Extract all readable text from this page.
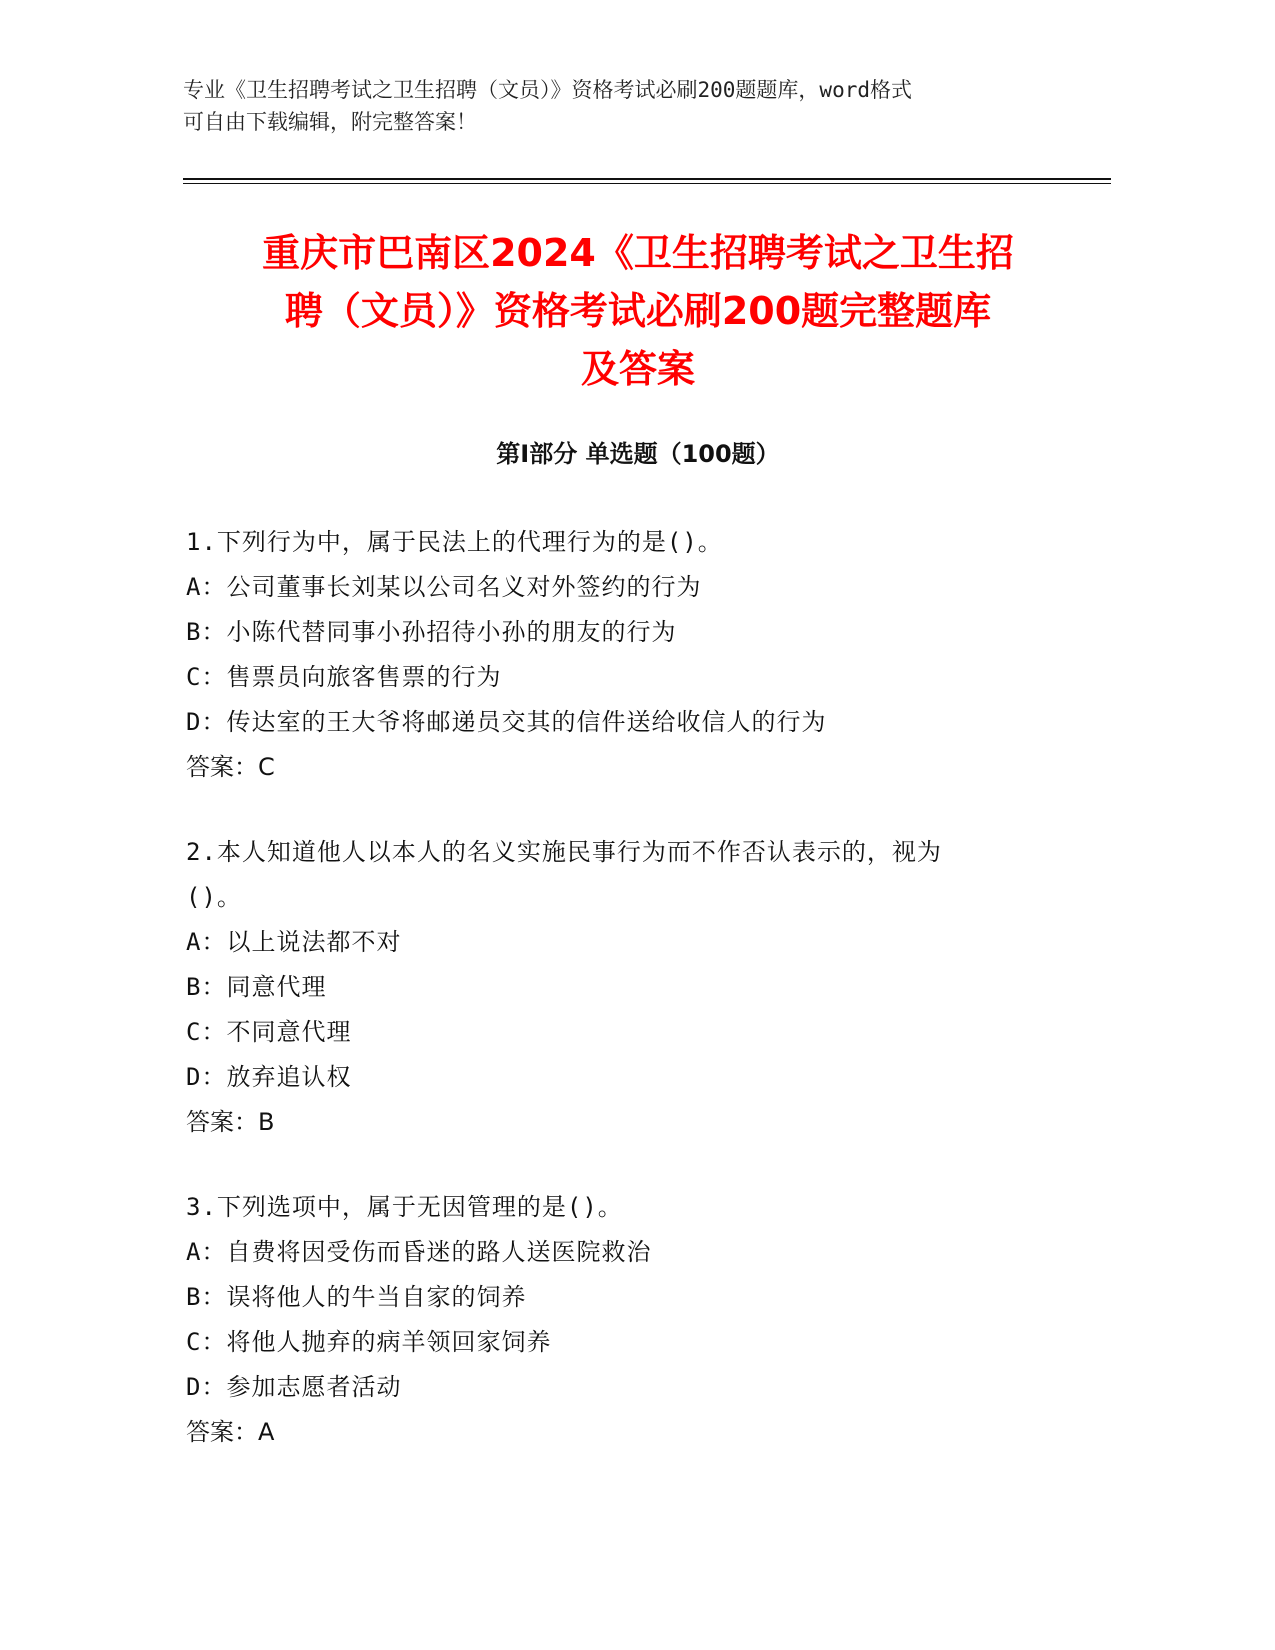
专业《卫生招聘考试之卫生招聘（文员）》资格考试必刷200题题库，word格式
可自由下载编辑，附完整答案！
重庆市巴南区2024《卫生招聘考试之卫生招
聘（文员）》资格考试必刷200题完整题库
及答案
第Ⅰ部分 单选题（100题）
1.下列行为中，属于民法上的代理行为的是()。
A：公司董事长刘某以公司名义对外签约的行为
B：小陈代替同事小孙招待小孙的朋友的行为
C：售票员向旅客售票的行为
D：传达室的王大爷将邮递员交其的信件送给收信人的行为
答案：C
2.本人知道他人以本人的名义实施民事行为而不作否认表示的，视为
()。
A：以上说法都不对
B：同意代理
C：不同意代理
D：放弃追认权
答案：B
3.下列选项中，属于无因管理的是()。
A：自费将因受伤而昏迷的路人送医院救治
B：误将他人的牛当自家的饲养
C：将他人抛弃的病羊领回家饲养
D：参加志愿者活动
答案：A
